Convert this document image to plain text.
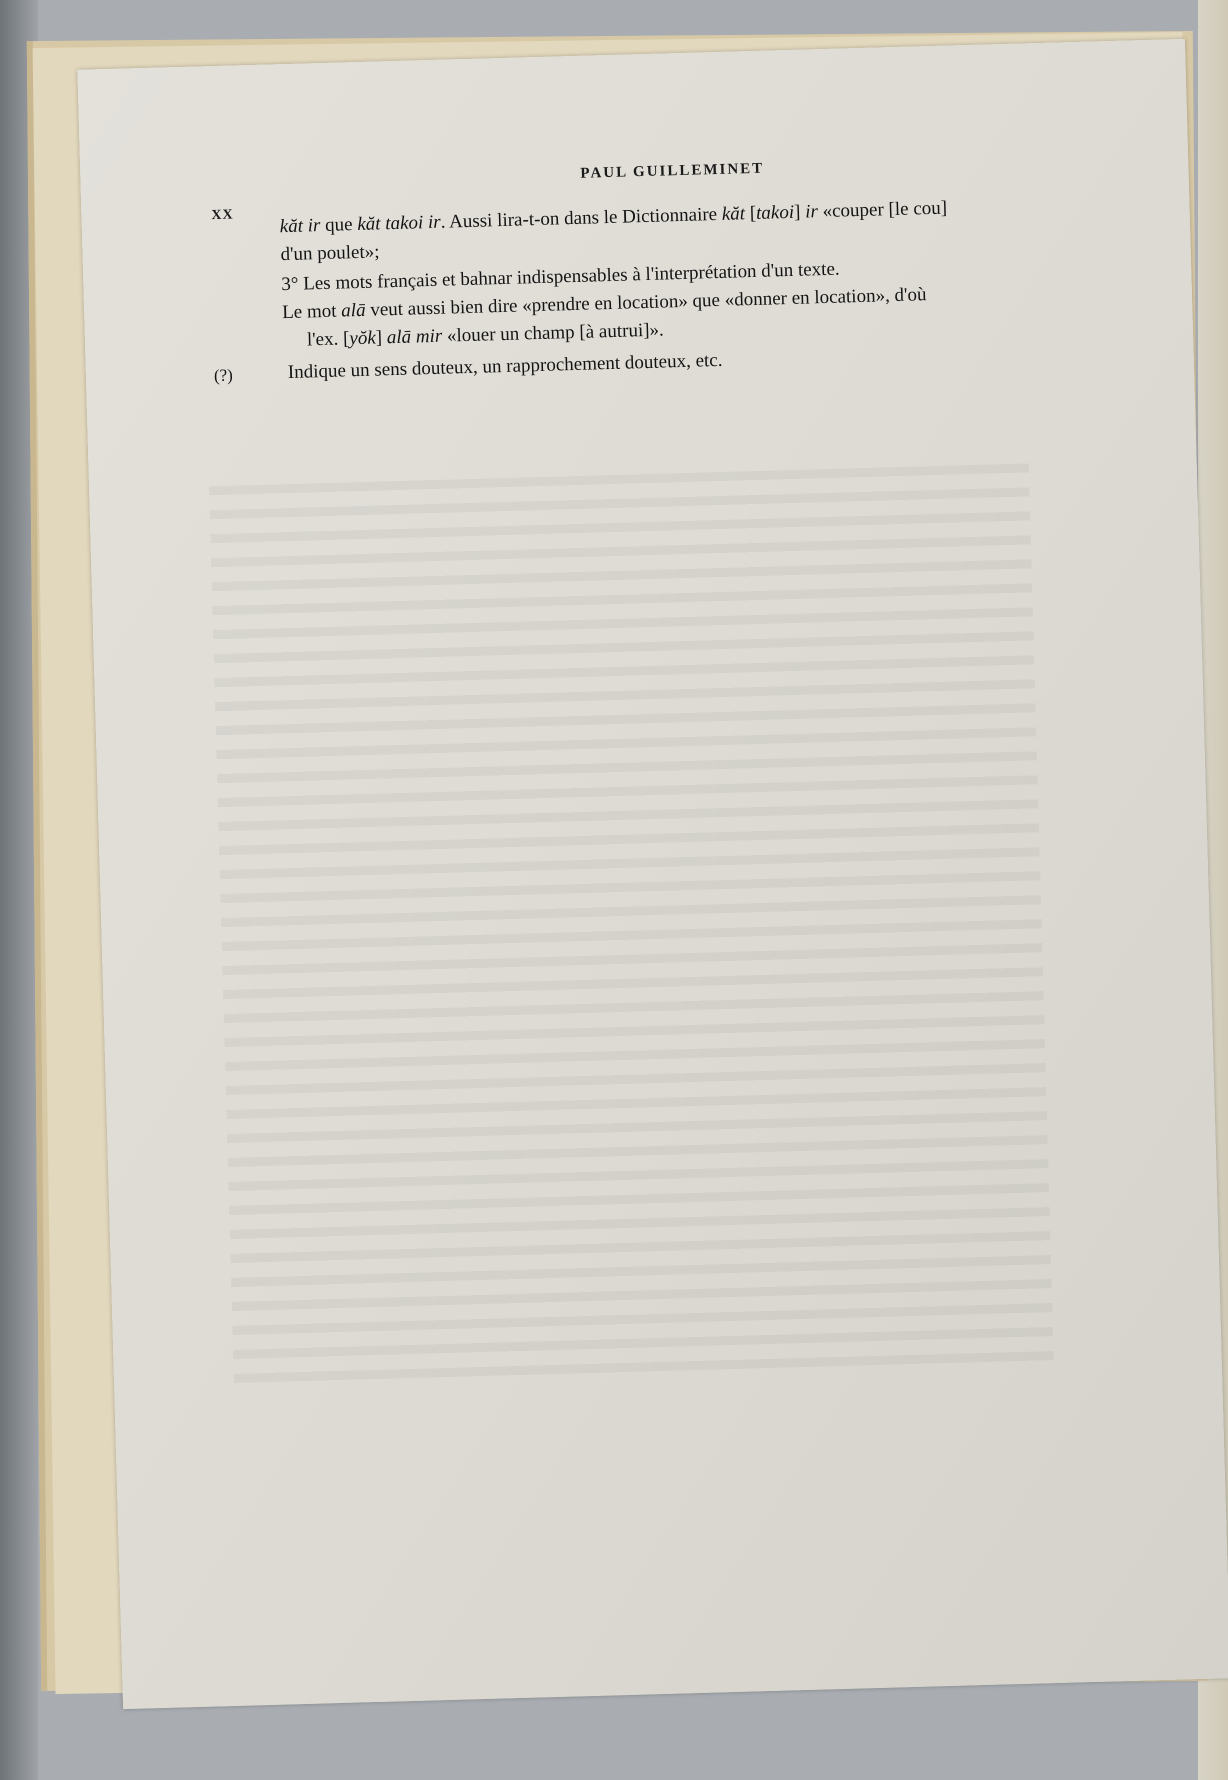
PAUL GUILLEMINET
XX kăt ir que kăt tɑkoi ir. Aussi lira-t-on dans le Dictionnaire kăt [tɑkoi] ir «couper [le cou]
d'un poulet»;
3° Les mots français et bahnar indispensables à l'interprétation d'un texte.
Le mot alā veut aussi bien dire «prendre en location» que «donner en location», d'où
l'ex. [yŏk] alā mir «louer un champ [à autrui]».
(?)	Indique un sens douteux, un rapprochement douteux, etc.
